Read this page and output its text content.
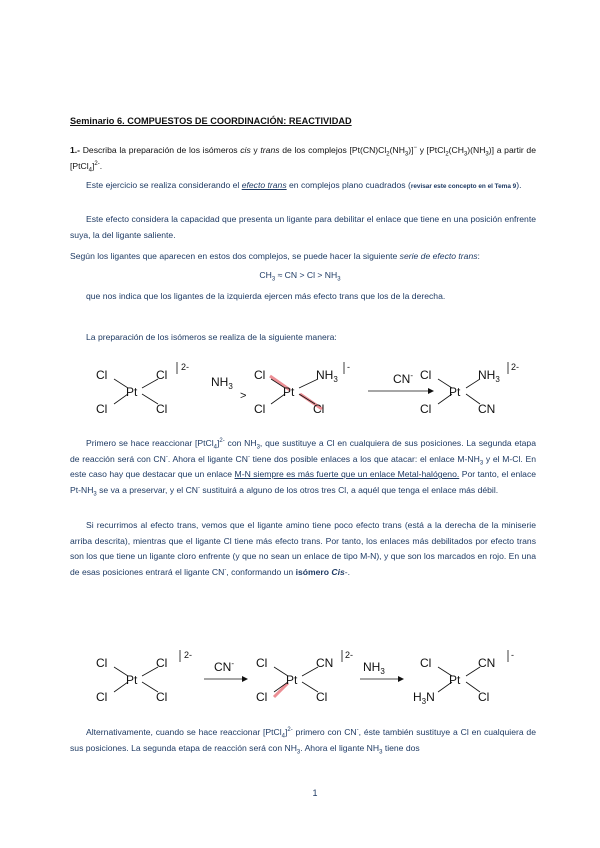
Seminario 6. COMPUESTOS DE COORDINACIÓN: REACTIVIDAD
1.- Describa la preparación de los isómeros cis y trans de los complejos $[Pt(CN)Cl_2(NH_3)]^-$ y $[PtCl_2(CH_3)(NH_3)]$ a partir de [PtCl$_4$]$^{2-}$.
Este ejercicio se realiza considerando el efecto trans en complejos plano cuadrados (revisar este concepto en el Tema 9).
Este efecto considera la capacidad que presenta un ligante para debilitar el enlace que tiene en una posición enfrente suya, la del ligante saliente.
Según los ligantes que aparecen en estos dos complejos, se puede hacer la siguiente serie de efecto trans:
$CH_3$ ≈ CN > $Cl > NH_3$
que nos indica que los ligantes de la izquierda ejercen más efecto trans que los de la derecha.
La preparación de los isómeros se realiza de la siguiente manera:
Cl	Cl
Cl	Cl
Pt
2-
$NH_3$
>
Cl	$NH_3$
Cl	Cl
Pt
-
CN- Cl	$NH_3$
Cl	CN
Pt
2-
Primero se hace reaccionar [PtCl$_4$]$^{2-}$ con $NH_3$, que sustituye a Cl en cualquiera de sus posiciones. La segunda etapa de reacción será con CN-. Ahora el ligante CN- tiene dos posible enlaces a los que atacar: el enlace $M-NH_3$ y el M-Cl. En este caso hay que destacar que un enlace M-N siempre es más fuerte que un enlace Metal-halógeno. Por tanto, el enlace $Pt-NH_3$ se va a preservar, y el CN- sustituirá a alguno de los otros tres Cl, a aquél que tenga el enlace más débil.
Si recurrimos al efecto trans, vemos que el ligante amino tiene poco efecto trans (está a la derecha de la miniserie arriba descrita), mientras que el ligante Cl tiene más efecto trans. Por tanto, los enlaces más debilitados por efecto trans son los que tiene un ligante cloro enfrente (y que no sean un enlace de tipo M-N), y que son los marcados en rojo. En una de esas posiciones entrará el ligante CN-, conformando un isómero Cis-.
Cl	Cl
Cl	Cl
Pt
2-
CN- Cl	CN
Cl	Cl
Pt
2-
$NH_3$
Cl	CN
$H_3N$	Cl
Pt
-
Alternativamente, cuando se hace reaccionar [PtCl$_4$]$^{2-}$ primero con CN-, éste también sustituye a Cl en cualquiera de sus posiciones. La segunda etapa de reacción será con $NH_3$. Ahora el ligante $NH_3$ tiene dos
1
